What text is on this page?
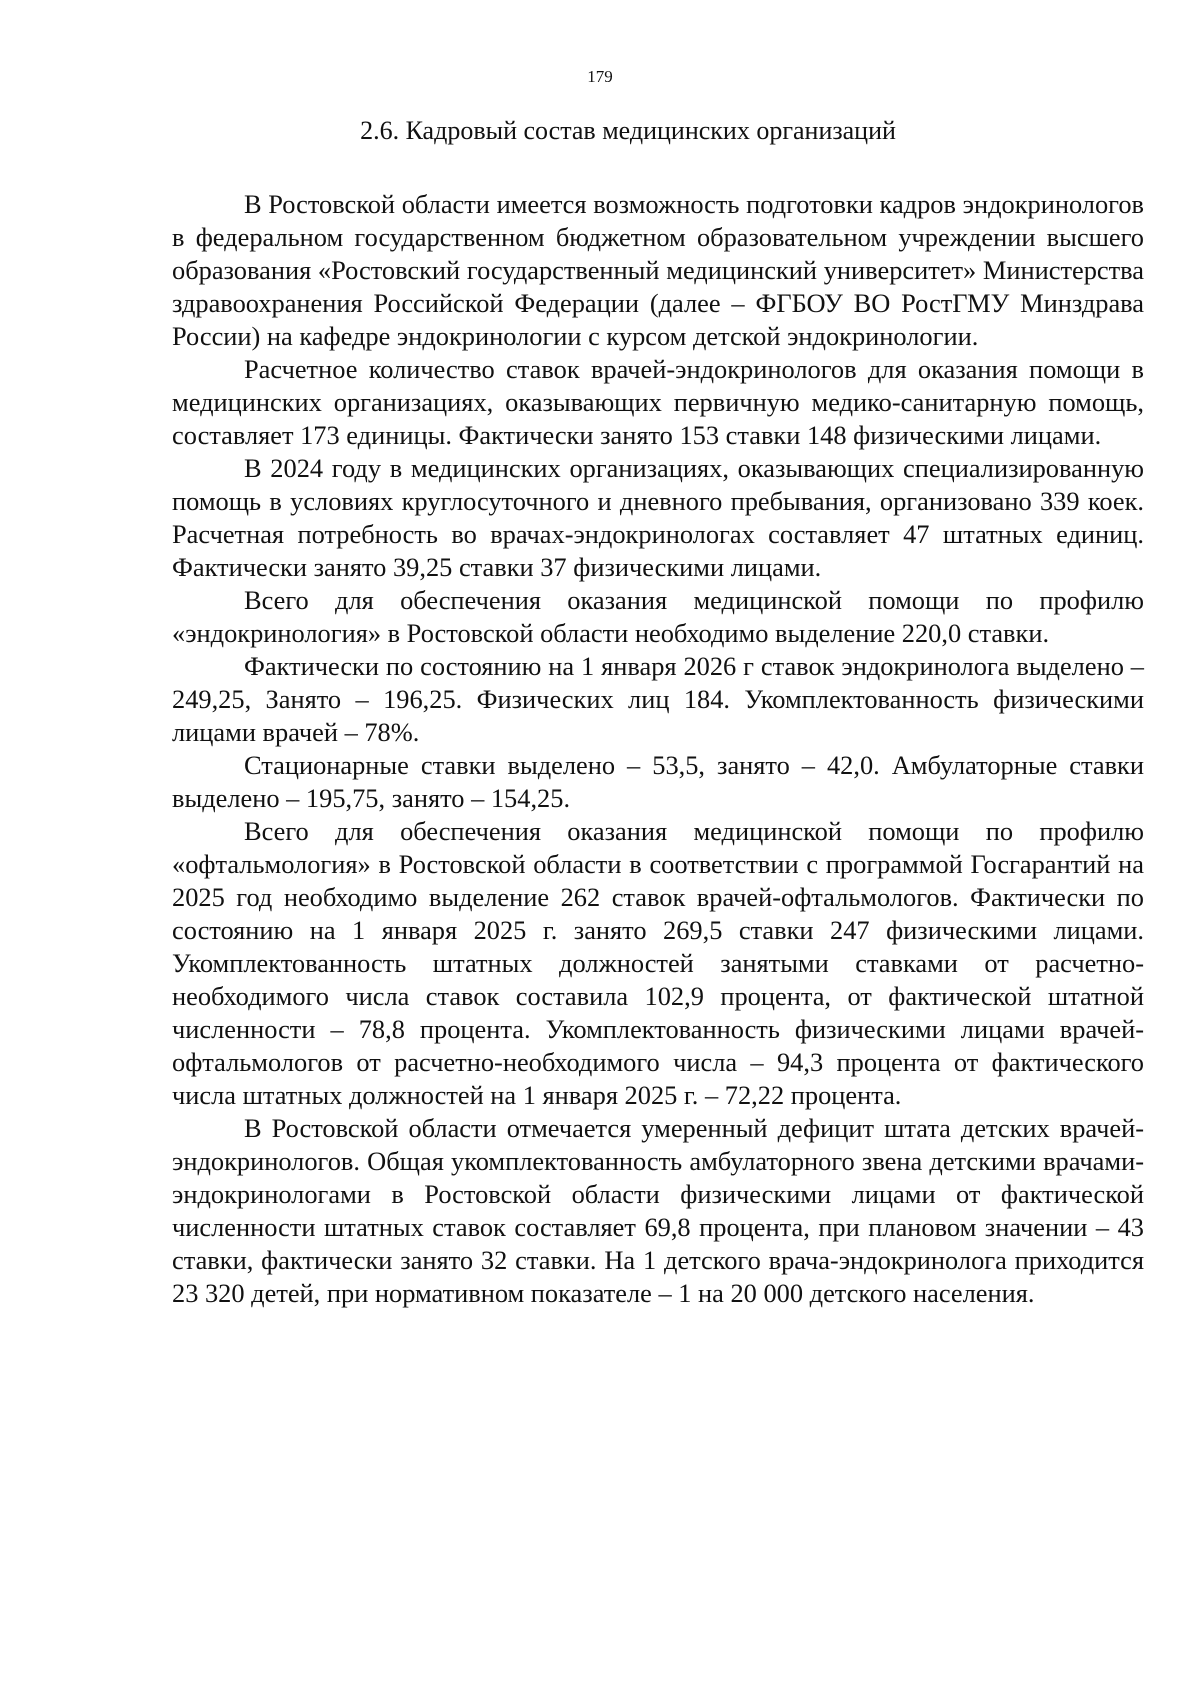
179
2.6. Кадровый состав медицинских организаций

В Ростовской области имеется возможность подготовки кадров эндокринологов в федеральном государственном бюджетном образовательном учреждении высшего образования «Ростовский государственный медицинский университет» Министерства здравоохранения Российской Федерации (далее – ФГБОУ ВО РостГМУ Минздрава России) на кафедре эндокринологии с курсом детской эндокринологии.

Расчетное количество ставок врачей-эндокринологов для оказания помощи в медицинских организациях, оказывающих первичную медико-санитарную помощь, составляет 173 единицы. Фактически занято 153 ставки 148 физическими лицами.

В 2024 году в медицинских организациях, оказывающих специализированную помощь в условиях круглосуточного и дневного пребывания, организовано 339 коек. Расчетная потребность во врачах-эндокринологах составляет 47 штатных единиц. Фактически занято 39,25 ставки 37 физическими лицами.

Всего для обеспечения оказания медицинской помощи по профилю «эндокринология» в Ростовской области необходимо выделение 220,0 ставки.

Фактически по состоянию на 1 января 2026 г ставок эндокринолога выделено – 249,25, Занято – 196,25. Физических лиц 184. Укомплектованность физическими лицами врачей – 78%.

Стационарные ставки выделено – 53,5, занято – 42,0. Амбулаторные ставки выделено – 195,75, занято – 154,25.

Всего для обеспечения оказания медицинской помощи по профилю «офтальмология» в Ростовской области в соответствии с программой Госгарантий на 2025 год необходимо выделение 262 ставок врачей-офтальмологов. Фактически по состоянию на 1 января 2025 г. занято 269,5 ставки 247 физическими лицами. Укомплектованность штатных должностей занятыми ставками от расчетно-необходимого числа ставок составила 102,9 процента, от фактической штатной численности – 78,8 процента. Укомплектованность физическими лицами врачей-офтальмологов от расчетно-необходимого числа – 94,3 процента от фактического числа штатных должностей на 1 января 2025 г. – 72,22 процента.

В Ростовской области отмечается умеренный дефицит штата детских врачей-эндокринологов. Общая укомплектованность амбулаторного звена детскими врачами-эндокринологами в Ростовской области физическими лицами от фактической численности штатных ставок составляет 69,8 процента, при плановом значении – 43 ставки, фактически занято 32 ставки. На 1 детского врача-эндокринолога приходится 23 320 детей, при нормативном показателе – 1 на 20 000 детского населения.
